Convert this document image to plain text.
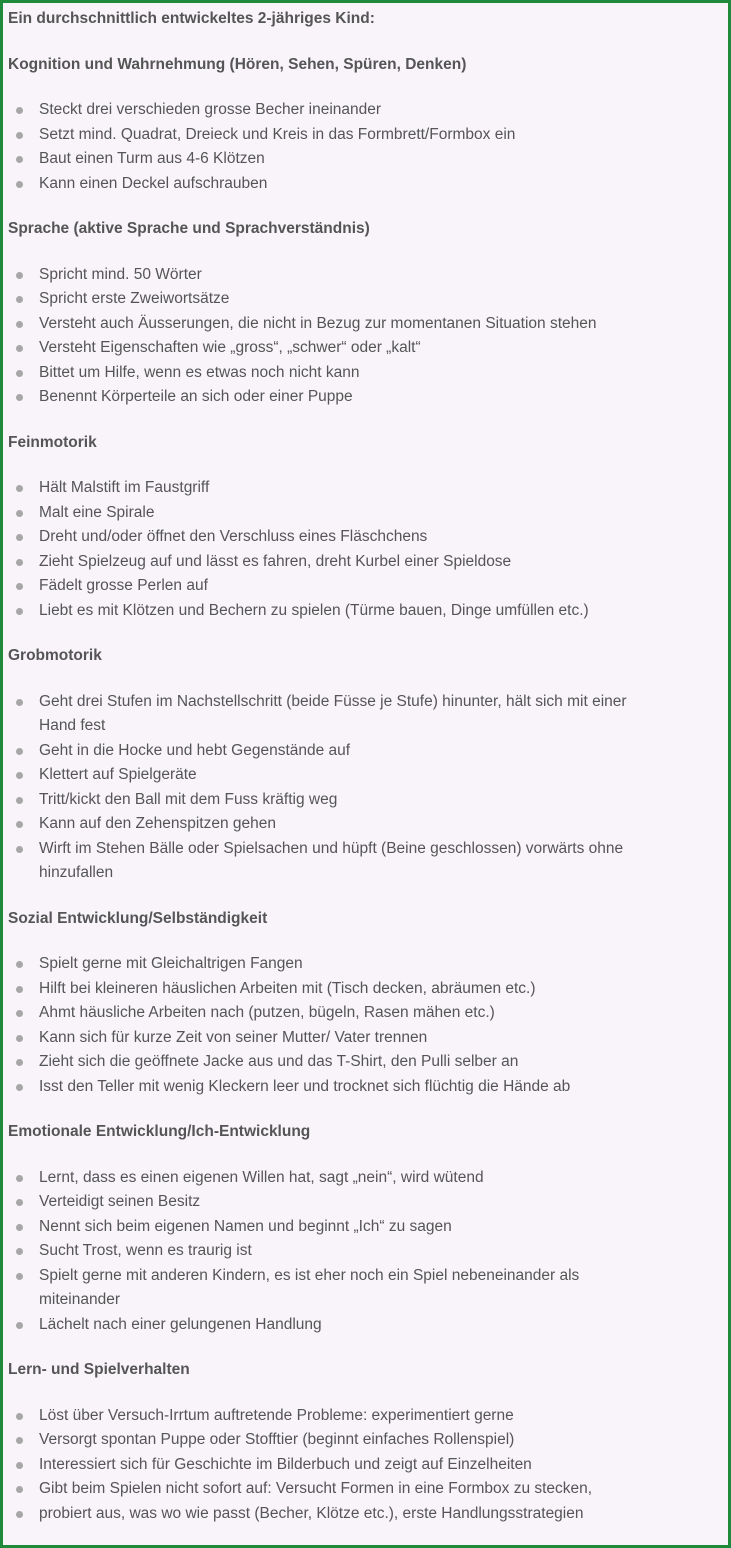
Ein durchschnittlich entwickeltes 2-jähriges Kind:

Kognition und Wahrnehmung (Hören, Sehen, Spüren, Denken)

Steckt drei verschieden grosse Becher ineinander
Setzt mind. Quadrat, Dreieck und Kreis in das Formbrett/Formbox ein
Baut einen Turm aus 4-6 Klötzen
Kann einen Deckel aufschrauben

Sprache (aktive Sprache und Sprachverständnis)

Spricht mind. 50 Wörter
Spricht erste Zweiwortsätze
Versteht auch Äusserungen, die nicht in Bezug zur momentanen Situation stehen
Versteht Eigenschaften wie „gross“, „schwer“ oder „kalt“
Bittet um Hilfe, wenn es etwas noch nicht kann
Benennt Körperteile an sich oder einer Puppe

Feinmotorik

Hält Malstift im Faustgriff
Malt eine Spirale
Dreht und/oder öffnet den Verschluss eines Fläschchens
Zieht Spielzeug auf und lässt es fahren, dreht Kurbel einer Spieldose
Fädelt grosse Perlen auf
Liebt es mit Klötzen und Bechern zu spielen (Türme bauen, Dinge umfüllen etc.)

Grobmotorik

Geht drei Stufen im Nachstellschritt (beide Füsse je Stufe) hinunter, hält sich mit einer Hand fest
Geht in die Hocke und hebt Gegenstände auf
Klettert auf Spielgeräte
Tritt/kickt den Ball mit dem Fuss kräftig weg
Kann auf den Zehenspitzen gehen
Wirft im Stehen Bälle oder Spielsachen und hüpft (Beine geschlossen) vorwärts ohne hinzufallen

Sozial Entwicklung/Selbständigkeit

Spielt gerne mit Gleichaltrigen Fangen
Hilft bei kleineren häuslichen Arbeiten mit (Tisch decken, abräumen etc.)
Ahmt häusliche Arbeiten nach (putzen, bügeln, Rasen mähen etc.)
Kann sich für kurze Zeit von seiner Mutter/ Vater trennen
Zieht sich die geöffnete Jacke aus und das T-Shirt, den Pulli selber an
Isst den Teller mit wenig Kleckern leer und trocknet sich flüchtig die Hände ab

Emotionale Entwicklung/Ich-Entwicklung

Lernt, dass es einen eigenen Willen hat, sagt „nein“, wird wütend
Verteidigt seinen Besitz
Nennt sich beim eigenen Namen und beginnt „Ich“ zu sagen
Sucht Trost, wenn es traurig ist
Spielt gerne mit anderen Kindern, es ist eher noch ein Spiel nebeneinander als miteinander
Lächelt nach einer gelungenen Handlung

Lern- und Spielverhalten

Löst über Versuch-Irrtum auftretende Probleme: experimentiert gerne
Versorgt spontan Puppe oder Stofftier (beginnt einfaches Rollenspiel)
Interessiert sich für Geschichte im Bilderbuch und zeigt auf Einzelheiten
Gibt beim Spielen nicht sofort auf: Versucht Formen in eine Formbox zu stecken,
probiert aus, was wo wie passt (Becher, Klötze etc.), erste Handlungsstrategien
